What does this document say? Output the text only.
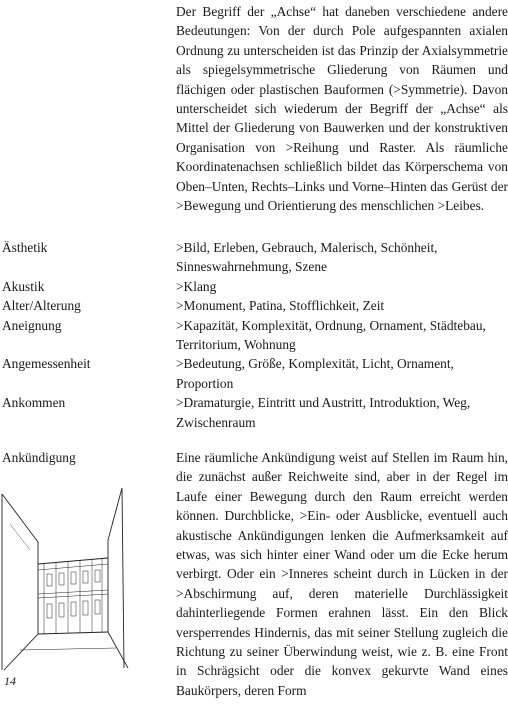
Der Begriff der „Achse“ hat daneben verschiedene andere Bedeutungen: Von der durch Pole aufgespannten axialen Ordnung zu unterscheiden ist das Prinzip der Axialsymmetrie als spiegelsymmetrische Gliederung von Räumen und flächigen oder plastischen Bauformen (>Symmetrie). Davon unterscheidet sich wiederum der Begriff der „Achse“ als Mittel der Gliederung von Bauwerken und der konstruktiven Organisation von >Reihung und Raster. Als räumliche Koordinatenachsen schließlich bildet das Körperschema von Oben–Unten, Rechts–Links und Vorne–Hinten das Gerüst der >Bewegung und Orientierung des menschlichen >Leibes.

Ästhetik	>Bild, Erleben, Gebrauch, Malerisch, Schönheit, Sinneswahrnehmung, Szene
Akustik	>Klang
Alter/Alterung	>Monument, Patina, Stofflichkeit, Zeit
Aneignung	>Kapazität, Komplexität, Ordnung, Ornament, Städtebau, Territorium, Wohnung
Angemessenheit	>Bedeutung, Größe, Komplexität, Licht, Ornament, Proportion
Ankommen	>Dramaturgie, Eintritt und Austritt, Introduktion, Weg, Zwischenraum
Ankündigung	Eine räumliche Ankündigung weist auf Stellen im Raum hin, die zunächst außer Reichweite sind, aber in der Regel im Laufe einer Bewegung durch den Raum erreicht werden können. Durchblicke, >Ein- oder Ausblicke, eventuell auch akustische Ankündigungen lenken die Aufmerksamkeit auf etwas, was sich hinter einer Wand oder um die Ecke herum verbirgt. Oder ein >Inneres scheint durch in Lücken in der >Abschirmung auf, deren materielle Durchlässigkeit dahinterliegende Formen erahnen lässt. Ein den Blick versperrendes Hindernis, das mit seiner Stellung zugleich die Richtung zu seiner Überwindung weist, wie z. B. eine Front in Schrägsicht oder die konvex gekurvte Wand eines Baukörpers, deren Form

14
